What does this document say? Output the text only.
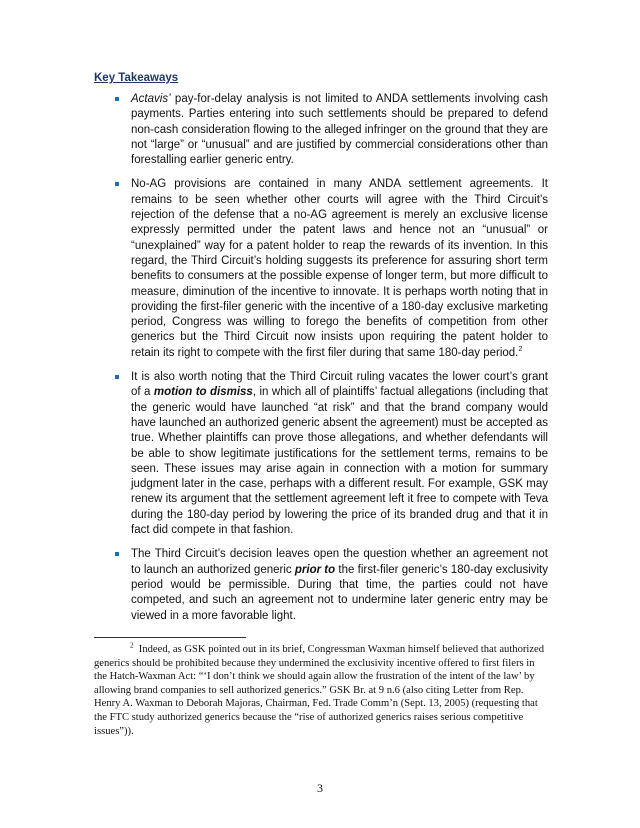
Key Takeaways
Actavis’ pay-for-delay analysis is not limited to ANDA settlements involving cash payments. Parties entering into such settlements should be prepared to defend non-cash consideration flowing to the alleged infringer on the ground that they are not “large” or “unusual” and are justified by commercial considerations other than forestalling earlier generic entry.
No-AG provisions are contained in many ANDA settlement agreements. It remains to be seen whether other courts will agree with the Third Circuit’s rejection of the defense that a no-AG agreement is merely an exclusive license expressly permitted under the patent laws and hence not an “unusual” or “unexplained” way for a patent holder to reap the rewards of its invention. In this regard, the Third Circuit’s holding suggests its preference for assuring short term benefits to consumers at the possible expense of longer term, but more difficult to measure, diminution of the incentive to innovate. It is perhaps worth noting that in providing the first-filer generic with the incentive of a 180-day exclusive marketing period, Congress was willing to forego the benefits of competition from other generics but the Third Circuit now insists upon requiring the patent holder to retain its right to compete with the first filer during that same 180-day period.$^2$
It is also worth noting that the Third Circuit ruling vacates the lower court’s grant of a motion to dismiss, in which all of plaintiffs’ factual allegations (including that the generic would have launched “at risk” and that the brand company would have launched an authorized generic absent the agreement) must be accepted as true. Whether plaintiffs can prove those allegations, and whether defendants will be able to show legitimate justifications for the settlement terms, remains to be seen. These issues may arise again in connection with a motion for summary judgment later in the case, perhaps with a different result. For example, GSK may renew its argument that the settlement agreement left it free to compete with Teva during the 180-day period by lowering the price of its branded drug and that it in fact did compete in that fashion.
The Third Circuit’s decision leaves open the question whether an agreement not to launch an authorized generic prior to the first-filer generic’s 180-day exclusivity period would be permissible. During that time, the parties could not have competed, and such an agreement not to undermine later generic entry may be viewed in a more favorable light.

$^2$ Indeed, as GSK pointed out in its brief, Congressman Waxman himself believed that authorized generics should be prohibited because they undermined the exclusivity incentive offered to first filers in the Hatch-Waxman Act: “‘I don’t think we should again allow the frustration of the intent of the law’ by allowing brand companies to sell authorized generics.” GSK Br. at 9 n.6 (also citing Letter from Rep. Henry A. Waxman to Deborah Majoras, Chairman, Fed. Trade Comm’n (Sept. 13, 2005) (requesting that the FTC study authorized generics because the “rise of authorized generics raises serious competitive issues”)).

3
